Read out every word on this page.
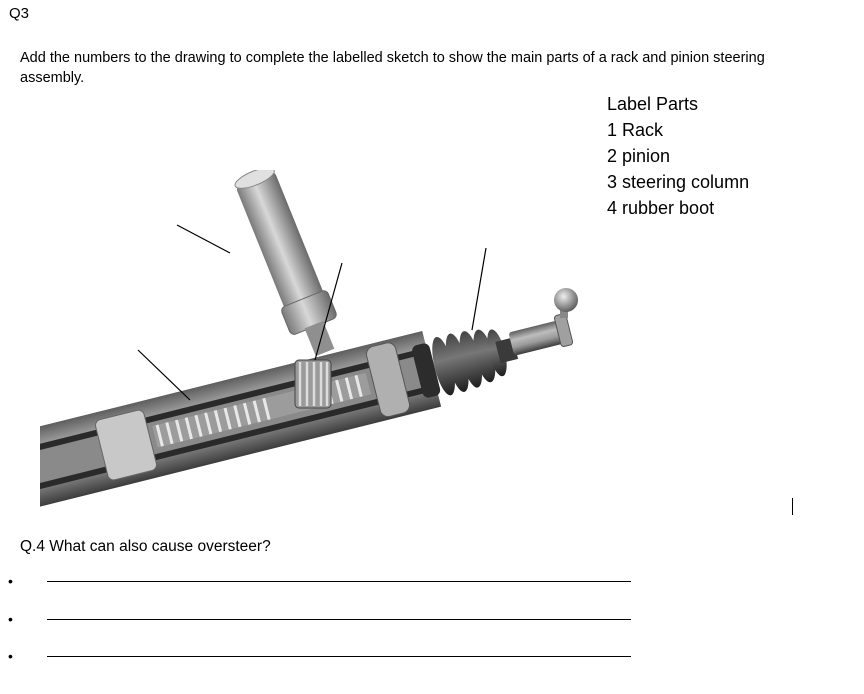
Q3
Add the numbers to the drawing to complete the labelled sketch to show the main parts of a rack and pinion steering assembly.
Label Parts
1 Rack
2 pinion
3 steering column
4 rubber boot
Q.4 What can also cause oversteer?
•
•
•
